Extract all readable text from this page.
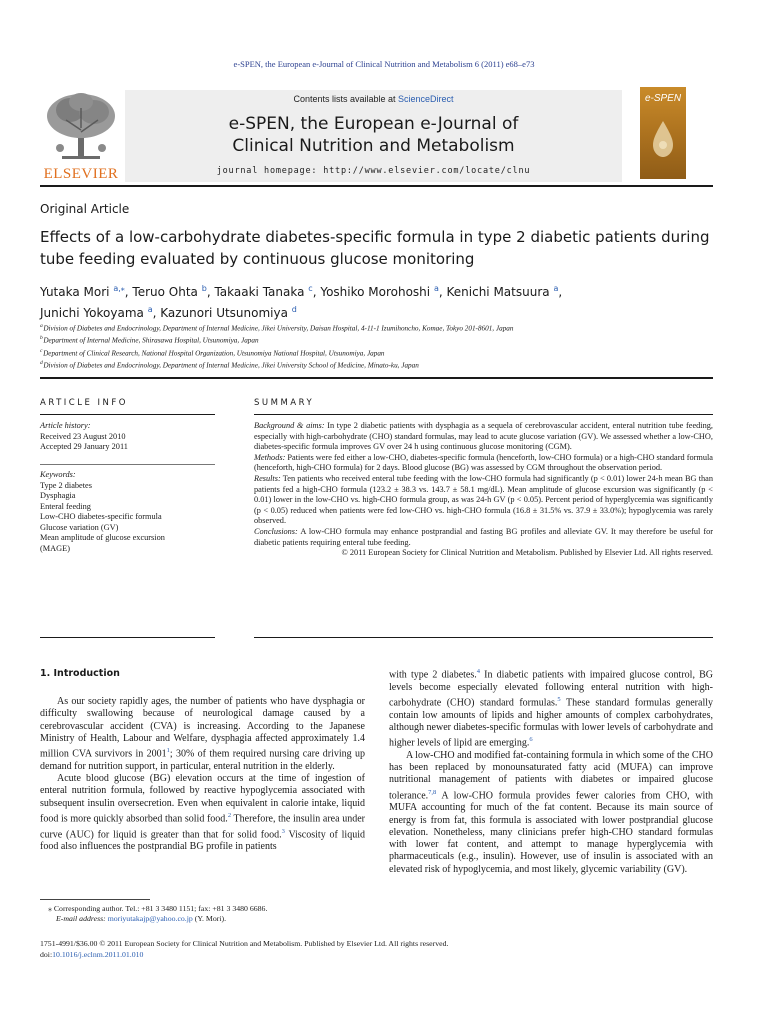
e-SPEN, the European e-Journal of Clinical Nutrition and Metabolism 6 (2011) e68–e73
ELSEVIER
Contents lists available at ScienceDirect
e-SPEN, the European e-Journal of
Clinical Nutrition and Metabolism
journal homepage: http://www.elsevier.com/locate/clnu
e-SPEN
Original Article
Effects of a low-carbohydrate diabetes-specific formula in type 2 diabetic patients during tube feeding evaluated by continuous glucose monitoring
Yutaka Mori $^{a,⁎}$, Teruo Ohta $^b$, Takaaki Tanaka $^c$, Yoshiko Morohoshi $^a$, Kenichi Matsuura $^a$,
Junichi Yokoyama $^a$, Kazunori Utsunomiya $^d$
$^a$ Division of Diabetes and Endocrinology, Department of Internal Medicine, Jikei University, Daisan Hospital, 4-11-1 Izumihoncho, Komae, Tokyo 201-8601, Japan
$^b$ Department of Internal Medicine, Shirasawa Hospital, Utsunomiya, Japan
$^c$ Department of Clinical Research, National Hospital Organization, Utsunomiya National Hospital, Utsunomiya, Japan
$^d$ Division of Diabetes and Endocrinology, Department of Internal Medicine, Jikei University School of Medicine, Minato-ku, Japan
ARTICLE INFO
Article history:
Received 23 August 2010
Accepted 29 January 2011
Keywords:
Type 2 diabetes
Dysphagia
Enteral feeding
Low-CHO diabetes-specific formula
Glucose variation (GV)
Mean amplitude of glucose excursion
(MAGE)
SUMMARY

Background & aims: In type 2 diabetic patients with dysphagia as a sequela of cerebrovascular accident, enteral nutrition tube feeding, especially with high-carbohydrate (CHO) standard formulas, may lead to acute glucose variation (GV). We assessed whether a low-CHO, diabetes-specific formula improves GV over 24 h using continuous glucose monitoring (CGM).

Methods: Patients were fed either a low-CHO, diabetes-specific formula (henceforth, low-CHO formula) or a high-CHO standard formula (henceforth, high-CHO formula) for 2 days. Blood glucose (BG) was assessed by CGM throughout the observation period.

Results: Ten patients who received enteral tube feeding with the low-CHO formula had significantly (p < 0.01) lower 24-h mean BG than patients fed a high-CHO formula (123.2 ± 38.3 vs. 143.7 ± 58.1 mg/dL). Mean amplitude of glucose excursion was significantly (p < 0.01) lower in the low-CHO vs. high-CHO formula group, as was 24-h GV (p < 0.05). Percent period of hyperglycemia was significantly (p < 0.05) reduced when patients were fed low-CHO vs. high-CHO formula (16.8 ± 31.5% vs. 37.9 ± 33.0%); hypoglycemia was rarely observed.

Conclusions: A low-CHO formula may enhance postprandial and fasting BG profiles and alleviate GV. It may therefore be useful for diabetic patients requiring enteral tube feeding.

© 2011 European Society for Clinical Nutrition and Metabolism. Published by Elsevier Ltd. All rights reserved.

1. Introduction

As our society rapidly ages, the number of patients who have dysphagia or difficulty swallowing because of neurological damage caused by a cerebrovascular accident (CVA) is increasing. According to the Japanese Ministry of Health, Labour and Welfare, dysphagia affected approximately 1.4 million CVA survivors in 2001$^1$; 30% of them required nursing care driving up demand for nutrition support, in particular, enteral nutrition in the elderly.

Acute blood glucose (BG) elevation occurs at the time of ingestion of enteral nutrition formula, followed by reactive hypoglycemia associated with subsequent insulin oversecretion. Even when equivalent in calorie intake, liquid food is more quickly absorbed than solid food.$^2$ Therefore, the insulin area under curve (AUC) for liquid is greater than that for solid food.$^3$ Viscosity of liquid food also influences the postprandial BG profile in patients

with type 2 diabetes.$^4$ In diabetic patients with impaired glucose control, BG levels become especially elevated following enteral nutrition with high-carbohydrate (CHO) standard formulas.$^5$ These standard formulas generally contain low amounts of lipids and higher amounts of complex carbohydrates, although newer diabetes-specific formulas with lower levels of carbohydrate and higher levels of lipid are emerging.$^6$

A low-CHO and modified fat-containing formula in which some of the CHO has been replaced by monounsaturated fatty acid (MUFA) can improve nutritional management of patients with diabetes or impaired glucose tolerance.$^{7,8}$ A low-CHO formula provides fewer calories from CHO, with MUFA accounting for much of the fat content. Because its main source of energy is from fat, this formula is associated with lower postprandial glucose elevation. Nonetheless, many clinicians prefer high-CHO standard formulas with lower fat content, and attempt to manage hyperglycemia with pharmaceuticals (e.g., insulin). However, use of insulin is associated with an elevated risk of hypoglycemia, and most likely, glycemic variability (GV).

⁎ Corresponding author. Tel.: +81 3 3480 1151; fax: +81 3 3480 6686.
E-mail address: moriyutakajp@yahoo.co.jp (Y. Mori).
1751-4991/$36.00 © 2011 European Society for Clinical Nutrition and Metabolism. Published by Elsevier Ltd. All rights reserved.
doi:10.1016/j.eclnm.2011.01.010
